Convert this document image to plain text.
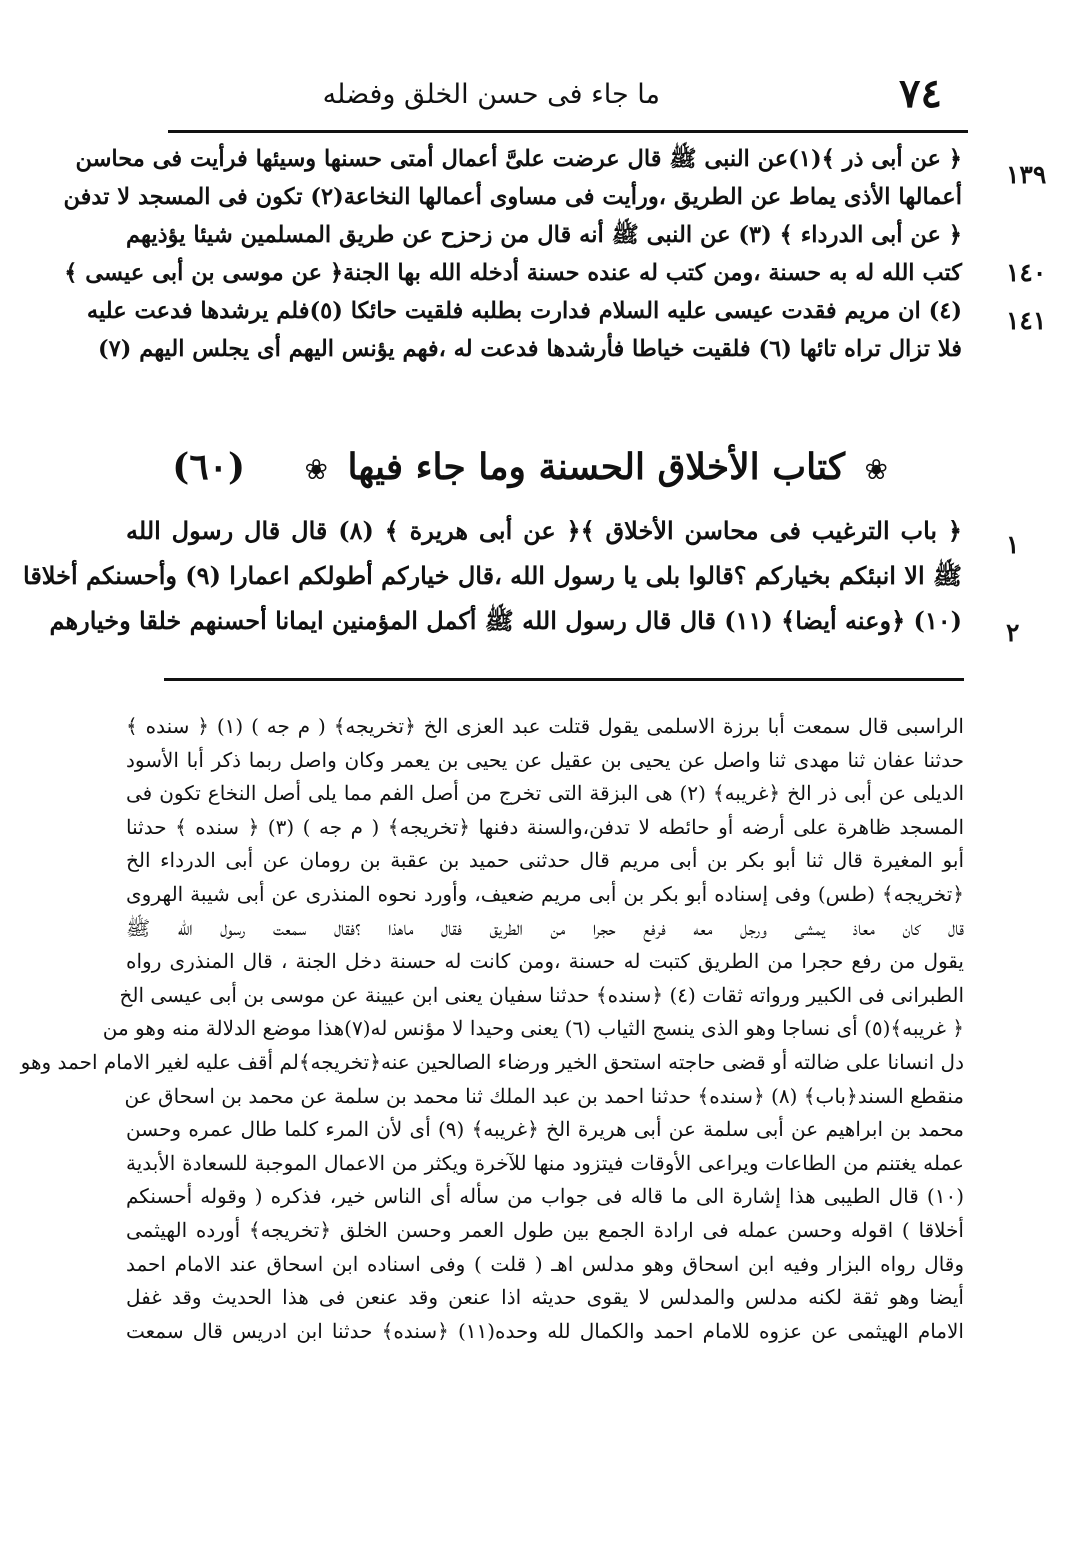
٧٤
ما جاء فى حسن الخلق وفضله
١٣٩
١٤٠
١٤١
١
٢
﴿ عن أبى ذر ﴾(١)عن النبى ﷺ قال عرضت علىَّ أعمال أمتى حسنها وسيئها فرأيت فى محاسن
أعمالها الأذى يماط عن الطريق ،ورأيت فى مساوى أعمالها النخاعة(٢) تكون فى المسجد لا تدفن
﴿ عن أبى الدرداء ﴾ (٣) عن النبى ﷺ أنه قال من زحزح عن طريق المسلمين شيئا يؤذيهم
كتب الله له به حسنة ،ومن كتب له عنده حسنة أدخله الله بها الجنة﴿ عن موسى بن أبى عيسى ﴾
(٤) ان مريم فقدت عيسى عليه السلام فدارت بطلبه فلقيت حائكا (٥)فلم يرشدها فدعت عليه
فلا تزال تراه تائها (٦) فلقيت خياطا فأرشدها فدعت له ،فهم يؤنس اليهم أى يجلس اليهم (٧)
❀ كتاب الأخلاق الحسنة وما جاء فيها ❀ (٦٠)
﴿ باب الترغيب فى محاسن الأخلاق ﴾﴿ عن أبى هريرة ﴾ (٨) قال قال رسول الله
ﷺ الا انبئكم بخياركم ؟قالوا بلى يا رسول الله ،قال خياركم أطولكم اعمارا (٩) وأحسنكم أخلاقا
(١٠) ﴿وعنه أيضا﴾ (١١) قال قال رسول الله ﷺ أكمل المؤمنين ايمانا أحسنهم خلقا وخيارهم
الراسبى قال سمعت أبا برزة الاسلمى يقول قتلت عبد العزى الخ ﴿تخريجه﴾ ( م جه ) (١) ﴿ سنده ﴾
حدثنا عفان ثنا مهدى ثنا واصل عن يحيى بن عقيل عن يحيى بن يعمر وكان واصل ربما ذكر أبا الأسود
الديلى عن أبى ذر الخ ﴿غريبه﴾ (٢) هى البزقة التى تخرج من أصل الفم مما يلى أصل النخاع تكون فى
المسجد ظاهرة على أرضه أو حائطه لا تدفن،والسنة دفنها ﴿تخريجه﴾ ( م جه ) (٣) ﴿ سنده ﴾ حدثنا
أبو المغيرة قال ثنا أبو بكر بن أبى مريم قال حدثنى حميد بن عقبة بن رومان عن أبى الدرداء الخ
﴿تخريجه﴾ (طس) وفى إسناده أبو بكر بن أبى مريم ضعيف، وأورد نحوه المنذرى عن أبى شيبة الهروى
قال كان معاذ يمشى ورجل معه فرفع حجرا من الطريق فقال ماهذا ؟فقال سمعت رسول الله ﷺ
يقول من رفع حجرا من الطريق كتبت له حسنة ،ومن كانت له حسنة دخل الجنة ، قال المنذرى رواه
الطبرانى فى الكبير ورواته ثقات (٤) ﴿سنده﴾ حدثنا سفيان يعنى ابن عيينة عن موسى بن أبى عيسى الخ
﴿ غريبه﴾(٥) أى نساجا وهو الذى ينسج الثياب (٦) يعنى وحيدا لا مؤنس له(٧)هذا موضع الدلالة منه وهو من
دل انسانا على ضالته أو قضى حاجته استحق الخير ورضاء الصالحين عنه﴿تخريجه﴾لم أقف عليه لغير الامام احمد وهو
منقطع السند﴿باب﴾ (٨) ﴿سنده﴾ حدثنا احمد بن عبد الملك ثنا محمد بن سلمة عن محمد بن اسحاق عن
محمد بن ابراهيم عن أبى سلمة عن أبى هريرة الخ ﴿غريبه﴾ (٩) أى لأن المرء كلما طال عمره وحسن
عمله يغتنم من الطاعات ويراعى الأوقات فيتزود منها للآخرة ويكثر من الاعمال الموجبة للسعادة الأبدية
(١٠) قال الطيبى هذا إشارة الى ما قاله فى جواب من سأله أى الناس خير، فذكره ( وقوله أحسنكم
أخلاقا ) اقوله وحسن عمله فى ارادة الجمع بين طول العمر وحسن الخلق ﴿تخريجه﴾ أورده الهيثمى
وقال رواه البزار وفيه ابن اسحاق وهو مدلس اهـ ( قلت ) وفى اسناده ابن اسحاق عند الامام احمد
أيضا وهو ثقة لكنه مدلس والمدلس لا يقوى حديثه اذا عنعن وقد عنعن فى هذا الحديث وقد غفل
الامام الهيثمى عن عزوه للامام احمد والكمال لله وحده(١١) ﴿سنده﴾ حدثنا ابن ادريس قال سمعت
